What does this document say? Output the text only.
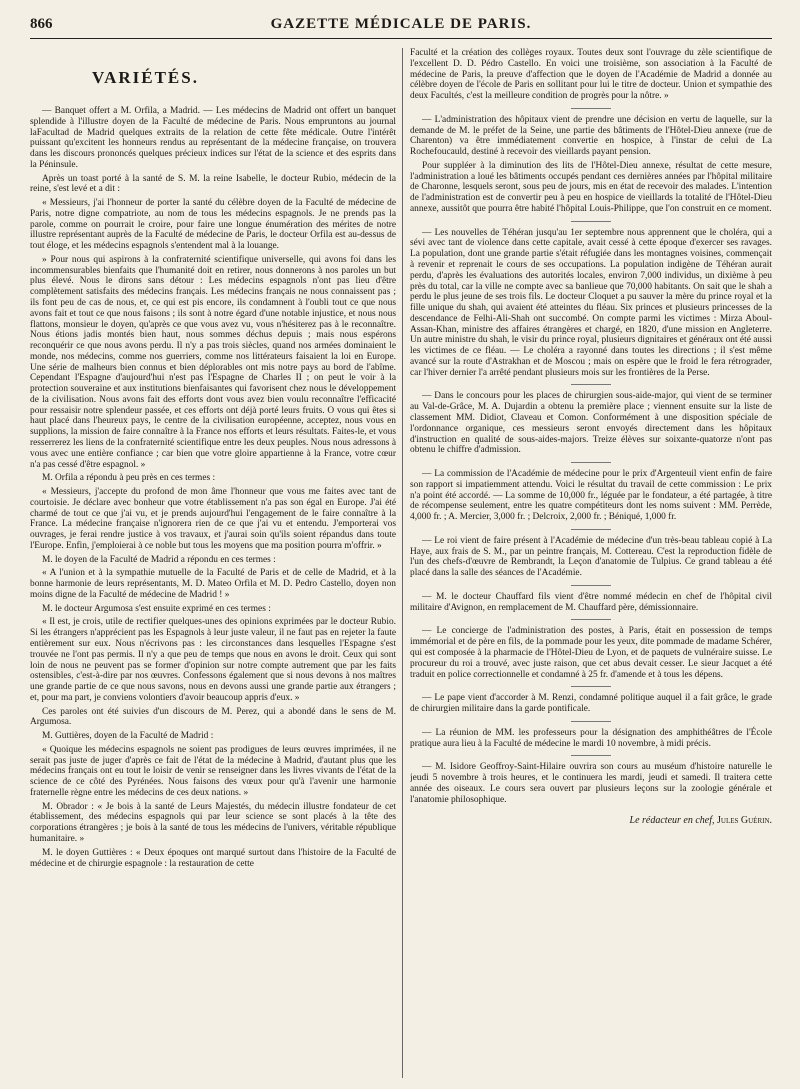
866	GAZETTE MÉDICALE DE PARIS.
VARIÉTÉS.

— Banquet offert a M. Orfila, a Madrid. — Les médecins de Madrid ont offert un banquet splendide à l'illustre doyen de la Faculté de médecine de Paris. Nous empruntons au journal laFacultad de Madrid quelques extraits de la relation de cette fête médicale. Outre l'intérêt puissant qu'excitent les honneurs rendus au représentant de la médecine française, on trouvera dans les discours prononcés quelques précieux indices sur l'état de la science et des esprits dans la Péninsule.

Après un toast porté à la santé de S. M. la reine Isabelle, le docteur Rubio, médecin de la reine, s'est levé et a dit :

« Messieurs, j'ai l'honneur de porter la santé du célèbre doyen de la Faculté de médecine de Paris, notre digne compatriote, au nom de tous les médecins espagnols. Je ne prends pas la parole, comme on pourrait le croire, pour faire une longue énumération des mérites de notre illustre représentant auprès de la Faculté de médecine de Paris, le docteur Orfila est au-dessus de tout éloge, et les médecins espagnols s'entendent mal à la louange.

» Pour nous qui aspirons à la confraternité scientifique universelle, qui avons foi dans les incommensurables bienfaits que l'humanité doit en retirer, nous donnerons à nos paroles un but plus élevé. Nous le dirons sans détour : Les médecins espagnols n'ont pas lieu d'être complètement satisfaits des médecins français. Les médecins français ne nous connaissent pas ; ils font peu de cas de nous, et, ce qui est pis encore, ils condamnent à l'oubli tout ce que nous avons fait et tout ce que nous faisons ; ils sont à notre égard d'une notable injustice, et nous nous flattons, monsieur le doyen, qu'après ce que vous avez vu, vous n'hésiterez pas à le reconnaître. Nous étions jadis montés bien haut, nous sommes déchus depuis ; mais nous espérons reconquérir ce que nous avons perdu. Il n'y a pas trois siècles, quand nos armées dominaient le monde, nos médecins, comme nos guerriers, comme nos littérateurs faisaient la loi en Europe. Une série de malheurs bien connus et bien déplorables ont mis notre pays au bord de l'abîme. Cependant l'Espagne d'aujourd'hui n'est pas l'Espagne de Charles II ; on peut le voir à la protection souveraine et aux institutions bienfaisantes qui favorisent chez nous le développement de la civilisation. Nous avons fait des efforts dont vous avez bien voulu reconnaître l'efficacité pour ressaisir notre splendeur passée, et ces efforts ont déjà porté leurs fruits. O vous qui êtes si haut placé dans l'heureux pays, le centre de la civilisation européenne, acceptez, nous vous en supplions, la mission de faire connaître à la France nos efforts et leurs résultats. Faites-le, et vous resserrerez les liens de la confraternité scientifique entre les deux peuples. Nous nous adressons à vous avec une entière confiance ; car bien que votre gloire appartienne à la France, votre cœur n'a pas cessé d'être espagnol. »

M. Orfila a répondu à peu près en ces termes :

« Messieurs, j'accepte du profond de mon âme l'honneur que vous me faites avec tant de courtoisie. Je déclare avec bonheur que votre établissement n'a pas son égal en Europe. J'ai été charmé de tout ce que j'ai vu, et je prends aujourd'hui l'engagement de le faire connaître à la France. La médecine française n'ignorera rien de ce que j'ai vu et entendu. J'emporterai vos ouvrages, je ferai rendre justice à vos travaux, et j'aurai soin qu'ils soient répandus dans toute l'Europe. Enfin, j'emploierai à ce noble but tous les moyens que ma position pourra m'offrir. »

M. le doyen de la Faculté de Madrid a répondu en ces termes :

« A l'union et à la sympathie mutuelle de la Faculté de Paris et de celle de Madrid, et à la bonne harmonie de leurs représentants, M. D. Mateo Orfila et M. D. Pedro Castello, doyen non moins digne de la Faculté de médecine de Madrid ! »

M. le docteur Argumosa s'est ensuite exprimé en ces termes :

« Il est, je crois, utile de rectifier quelques-unes des opinions exprimées par le docteur Rubio. Si les étrangers n'apprécient pas les Espagnols à leur juste valeur, il ne faut pas en rejeter la faute entièrement sur eux. Nous n'écrivons pas : les circonstances dans lesquelles l'Espagne s'est trouvée ne l'ont pas permis. Il n'y a que peu de temps que nous en avons le droit. Ceux qui sont loin de nous ne peuvent pas se former d'opinion sur notre compte autrement que par les faits ostensibles, c'est-à-dire par nos œuvres. Confessons également que si nous devons à nos maîtres une grande partie de ce que nous savons, nous en devons aussi une grande partie aux étrangers ; et, pour ma part, je conviens volontiers d'avoir beaucoup appris d'eux. »

Ces paroles ont été suivies d'un discours de M. Perez, qui a abondé dans le sens de M. Argumosa.

M. Guttières, doyen de la Faculté de Madrid :

« Quoique les médecins espagnols ne soient pas prodigues de leurs œuvres imprimées, il ne serait pas juste de juger d'après ce fait de l'état de la médecine à Madrid, d'autant plus que les médecins français ont eu tout le loisir de venir se renseigner dans les livres vivants de l'état de la science de ce côté des Pyrénées. Nous faisons des vœux pour qu'à l'avenir une harmonie fraternelle règne entre les médecins de ces deux nations. »

M. Obrador : « Je bois à la santé de Leurs Majestés, du médecin illustre fondateur de cet établissement, des médecins espagnols qui par leur science se sont placés à la tête des corporations étrangères ; je bois à la santé de tous les médecins de l'univers, véritable république humanitaire. »

M. le doyen Guttières : « Deux époques ont marqué surtout dans l'histoire de la Faculté de médecine et de chirurgie espagnole : la restauration de cette

Faculté et la création des collèges royaux. Toutes deux sont l'ouvrage du zèle scientifique de l'excellent D. D. Pédro Castello. En voici une troisième, son association à la Faculté de médecine de Paris, la preuve d'affection que le doyen de l'Académie de Madrid a donnée au célèbre doyen de l'école de Paris en sollitant pour lui le titre de docteur. Union et sympathie des deux Facultés, c'est la meilleure condition de progrès pour la nôtre. »

— L'administration des hôpitaux vient de prendre une décision en vertu de laquelle, sur la demande de M. le préfet de la Seine, une partie des bâtiments de l'Hôtel-Dieu annexe (rue de Charenton) va être immédiatement convertie en hospice, à l'instar de celui de La Rochefoucauld, destiné à recevoir des vieillards payant pension.

Pour suppléer à la diminution des lits de l'Hôtel-Dieu annexe, résultat de cette mesure, l'administration a loué les bâtiments occupés pendant ces dernières années par l'hôpital militaire de Charonne, lesquels seront, sous peu de jours, mis en état de recevoir des malades. L'intention de l'administration est de convertir peu à peu en hospice de vieillards la totalité de l'Hôtel-Dieu annexe, aussitôt que pourra être habité l'hôpital Louis-Philippe, que l'on construit en ce moment.

— Les nouvelles de Téhéran jusqu'au 1er septembre nous apprennent que le choléra, qui a sévi avec tant de violence dans cette capitale, avait cessé à cette époque d'exercer ses ravages. La population, dont une grande partie s'était réfugiée dans les montagnes voisines, commençait à revenir et reprenait le cours de ses occupations. La population indigène de Téhéran aurait perdu, d'après les évaluations des autorités locales, environ 7,000 individus, un dixième à peu près du total, car la ville ne compte avec sa banlieue que 70,000 habitants. On sait que le shah a perdu le plus jeune de ses trois fils. Le docteur Cloquet a pu sauver la mère du prince royal et la fille unique du shah, qui avaient été atteintes du fléau. Six princes et plusieurs princesses de la descendance de Felhi-Ali-Shah ont succombé. On compte parmi les victimes : Mirza Aboul-Assan-Khan, ministre des affaires étrangères et chargé, en 1820, d'une mission en Angleterre. Un autre ministre du shah, le visir du prince royal, plusieurs dignitaires et généraux ont été aussi les victimes de ce fléau. — Le choléra a rayonné dans toutes les directions ; il s'est même avancé sur la route d'Astrakhan et de Moscou ; mais on espère que le froid le fera rétrograder, car l'hiver dernier l'a arrêté pendant plusieurs mois sur les frontières de la Perse.

— Dans le concours pour les places de chirurgien sous-aide-major, qui vient de se terminer au Val-de-Grâce, M. A. Dujardin a obtenu la première place ; viennent ensuite sur la liste de classement MM. Didiot, Claveau et Comon. Conformément à une disposition spéciale de l'ordonnance organique, ces messieurs seront envoyés directement dans les hôpitaux d'instruction en qualité de sous-aides-majors. Treize élèves sur soixante-quatorze n'ont pas obtenu le chiffre d'admission.

— La commission de l'Académie de médecine pour le prix d'Argenteuil vient enfin de faire son rapport si impatiemment attendu. Voici le résultat du travail de cette commission : Le prix n'a point été accordé. — La somme de 10,000 fr., léguée par le fondateur, a été partagée, à titre de récompense seulement, entre les quatre compétiteurs dont les noms suivent : MM. Perrède, 4,000 fr. ; A. Mercier, 3,000 fr. ; Delcroix, 2,000 fr. ; Béniqué, 1,000 fr.

— Le roi vient de faire présent à l'Académie de médecine d'un très-beau tableau copié à La Haye, aux frais de S. M., par un peintre français, M. Cottereau. C'est la reproduction fidèle de l'un des chefs-d'œuvre de Rembrandt, la Leçon d'anatomie de Tulpius. Ce grand tableau a été placé dans la salle des séances de l'Académie.

— M. le docteur Chauffard fils vient d'être nommé médecin en chef de l'hôpital civil militaire d'Avignon, en remplacement de M. Chauffard père, démissionnaire.

— Le concierge de l'administration des postes, à Paris, était en possession de temps immémorial et de père en fils, de la pommade pour les yeux, dite pommade de madame Schérer, qui est composée à la pharmacie de l'Hôtel-Dieu de Lyon, et de paquets de vulnéraire suisse. Le procureur du roi a trouvé, avec juste raison, que cet abus devait cesser. Le sieur Jacquet a été traduit en police correctionnelle et condamné à 25 fr. d'amende et à tous les dépens.

— Le pape vient d'accorder à M. Renzi, condamné politique auquel il a fait grâce, le grade de chirurgien militaire dans la garde pontificale.

— La réunion de MM. les professeurs pour la désignation des amphithéâtres de l'École pratique aura lieu à la Faculté de médecine le mardi 10 novembre, à midi précis.

— M. Isidore Geoffroy-Saint-Hilaire ouvrira son cours au muséum d'histoire naturelle le jeudi 5 novembre à trois heures, et le continuera les mardi, jeudi et samedi. Il traitera cette année des oiseaux. Le cours sera ouvert par plusieurs leçons sur la zoologie générale et l'anatomie philosophique.

Le rédacteur en chef, Jules Guérin.
